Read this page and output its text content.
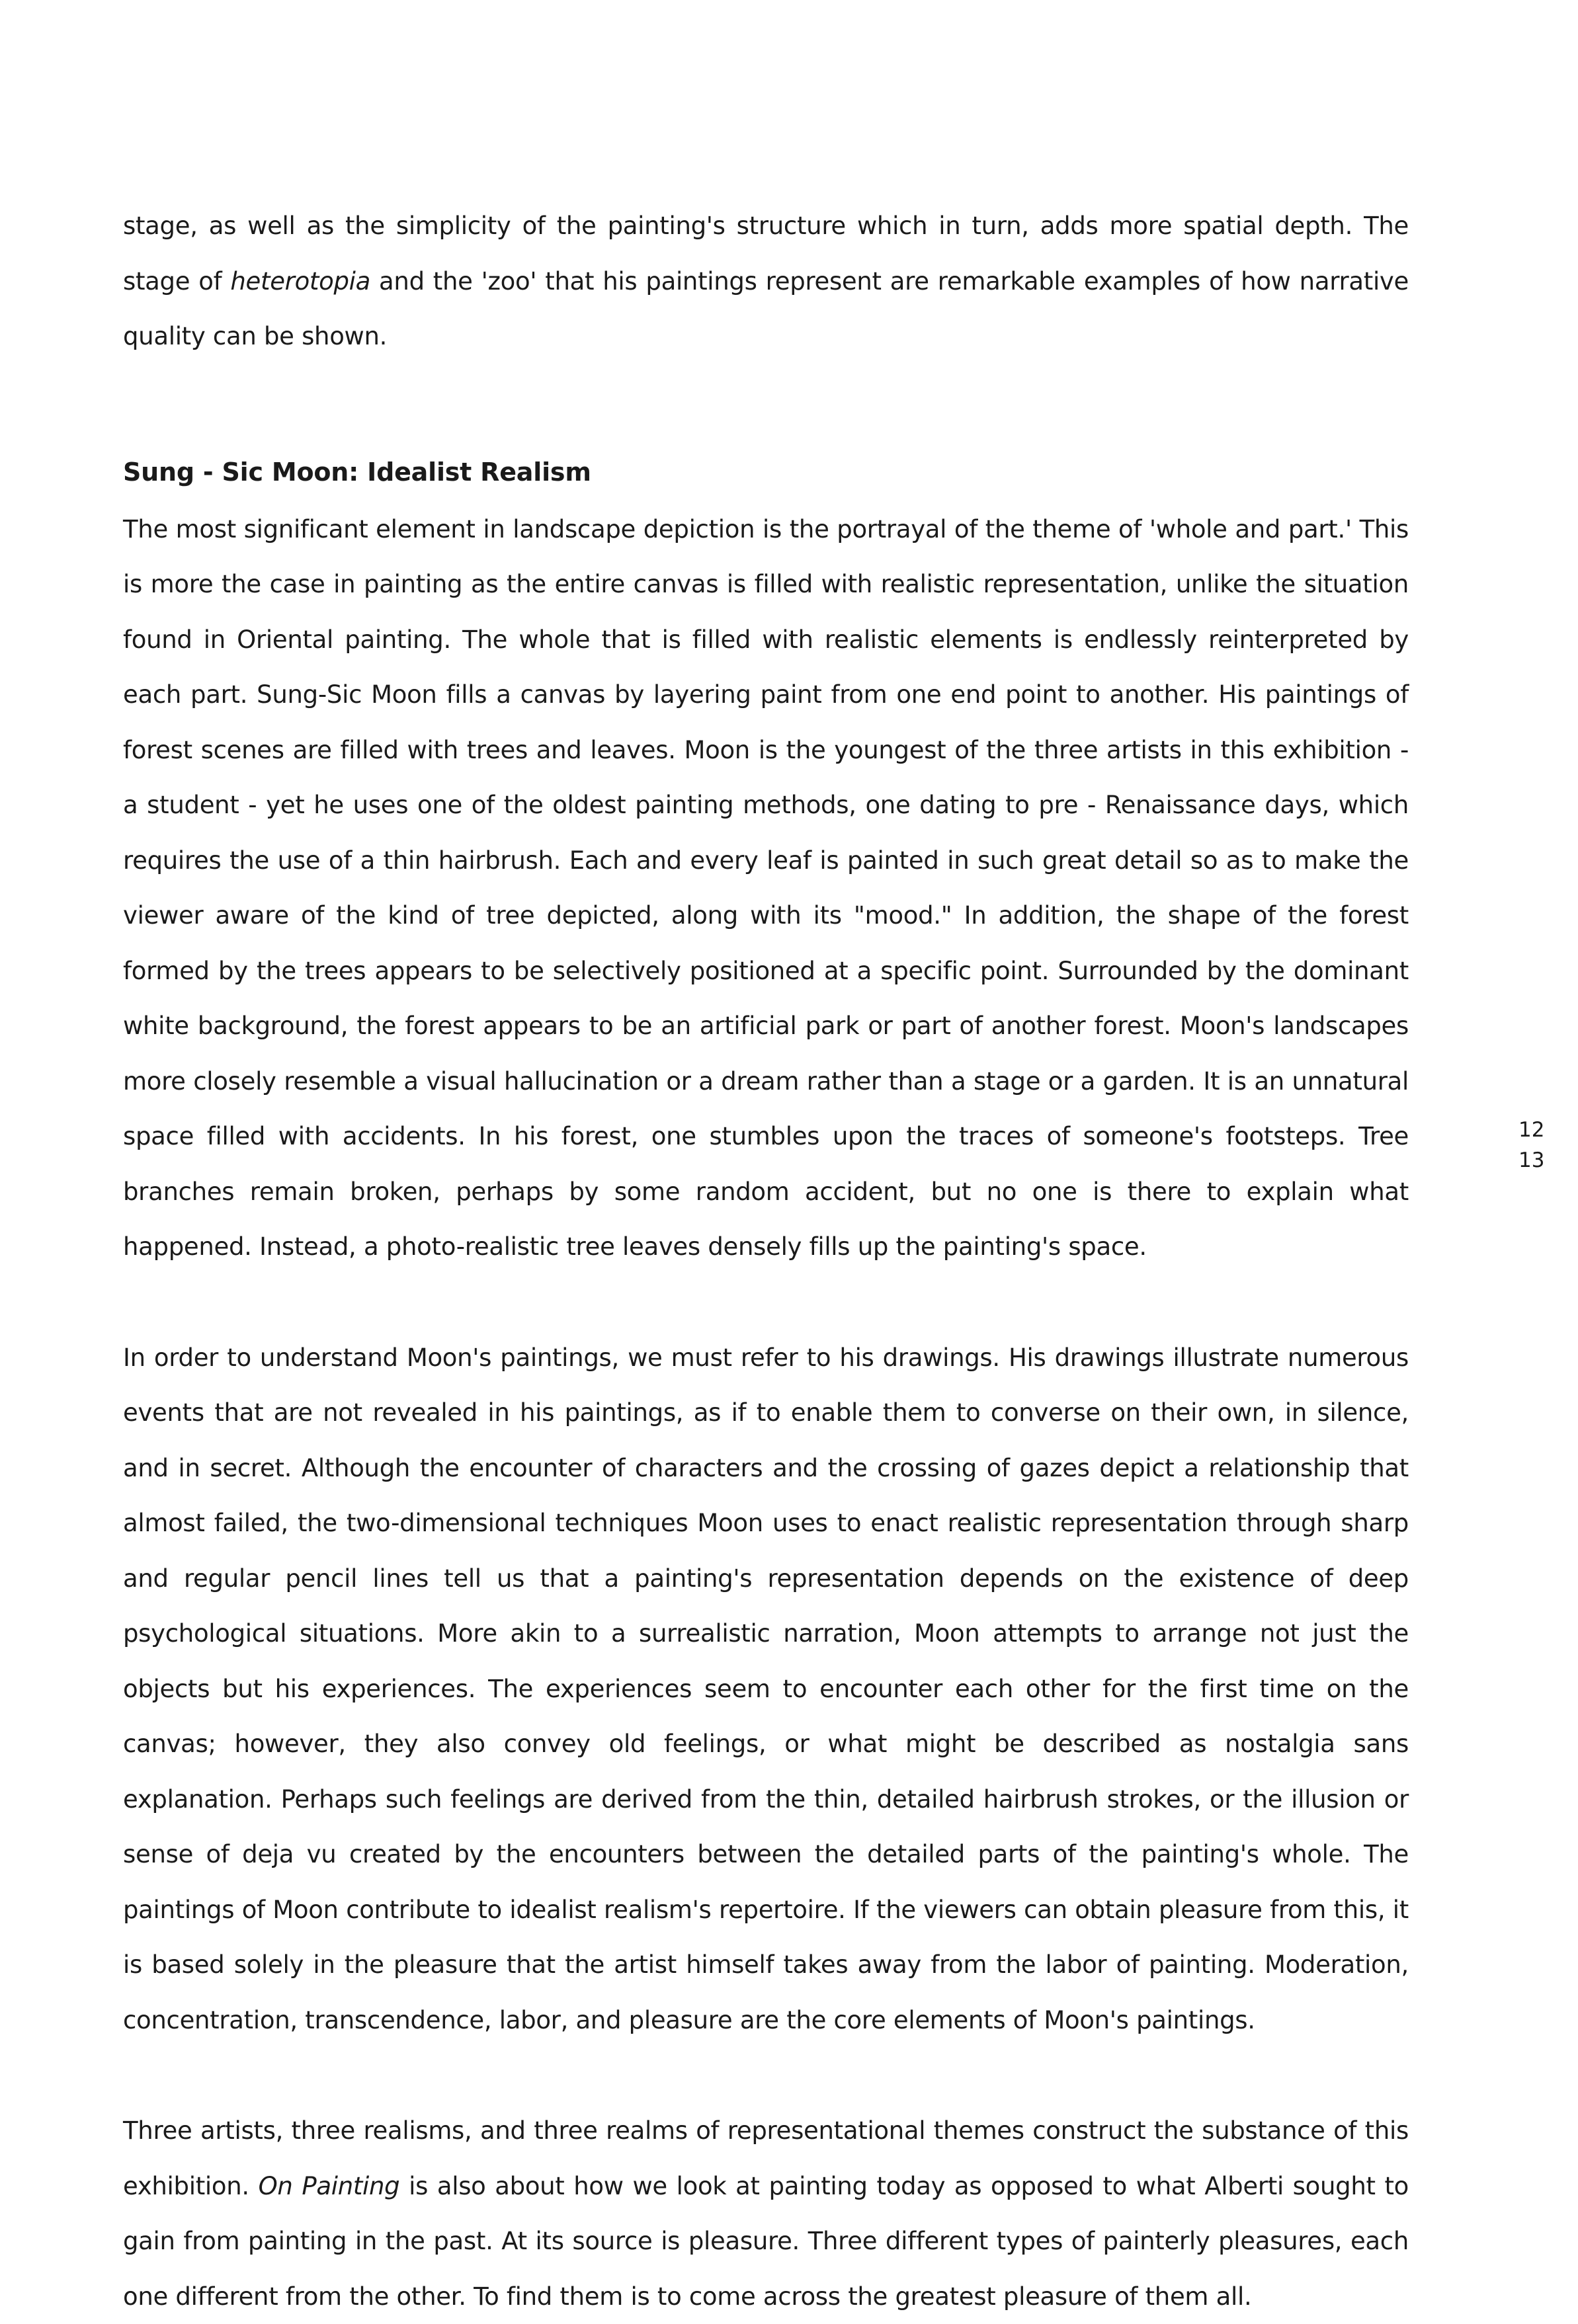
stage, as well as the simplicity of the painting's structure which in turn, adds more spatial depth. The stage of heterotopia and the 'zoo' that his paintings represent are remarkable examples of how narrative quality can be shown.

Sung - Sic Moon: Idealist Realism

The most significant element in landscape depiction is the portrayal of the theme of 'whole and part.' This is more the case in painting as the entire canvas is filled with realistic representation, unlike the situation found in Oriental painting. The whole that is filled with realistic elements is endlessly reinterpreted by each part. Sung-Sic Moon fills a canvas by layering paint from one end point to another. His paintings of forest scenes are filled with trees and leaves. Moon is the youngest of the three artists in this exhibition - a student - yet he uses one of the oldest painting methods, one dating to pre - Renaissance days, which requires the use of a thin hairbrush. Each and every leaf is painted in such great detail so as to make the viewer aware of the kind of tree depicted, along with its "mood." In addition, the shape of the forest formed by the trees appears to be selectively positioned at a specific point. Surrounded by the dominant white background, the forest appears to be an artificial park or part of another forest. Moon's landscapes more closely resemble a visual hallucination or a dream rather than a stage or a garden. It is an unnatural space filled with accidents. In his forest, one stumbles upon the traces of someone's footsteps. Tree branches remain broken, perhaps by some random accident, but no one is there to explain what happened. Instead, a photo-realistic tree leaves densely fills up the painting's space.

In order to understand Moon's paintings, we must refer to his drawings. His drawings illustrate numerous events that are not revealed in his paintings, as if to enable them to converse on their own, in silence, and in secret. Although the encounter of characters and the crossing of gazes depict a relationship that almost failed, the two-dimensional techniques Moon uses to enact realistic representation through sharp and regular pencil lines tell us that a painting's representation depends on the existence of deep psychological situations. More akin to a surrealistic narration, Moon attempts to arrange not just the objects but his experiences. The experiences seem to encounter each other for the first time on the canvas; however, they also convey old feelings, or what might be described as nostalgia sans explanation. Perhaps such feelings are derived from the thin, detailed hairbrush strokes, or the illusion or sense of deja vu created by the encounters between the detailed parts of the painting's whole. The paintings of Moon contribute to idealist realism's repertoire. If the viewers can obtain pleasure from this, it is based solely in the pleasure that the artist himself takes away from the labor of painting. Moderation, concentration, transcendence, labor, and pleasure are the core elements of Moon's paintings.

Three artists, three realisms, and three realms of representational themes construct the substance of this exhibition. On Painting is also about how we look at painting today as opposed to what Alberti sought to gain from painting in the past. At its source is pleasure. Three different types of painterly pleasures, each one different from the other. To find them is to come across the greatest pleasure of them all.

12
13
